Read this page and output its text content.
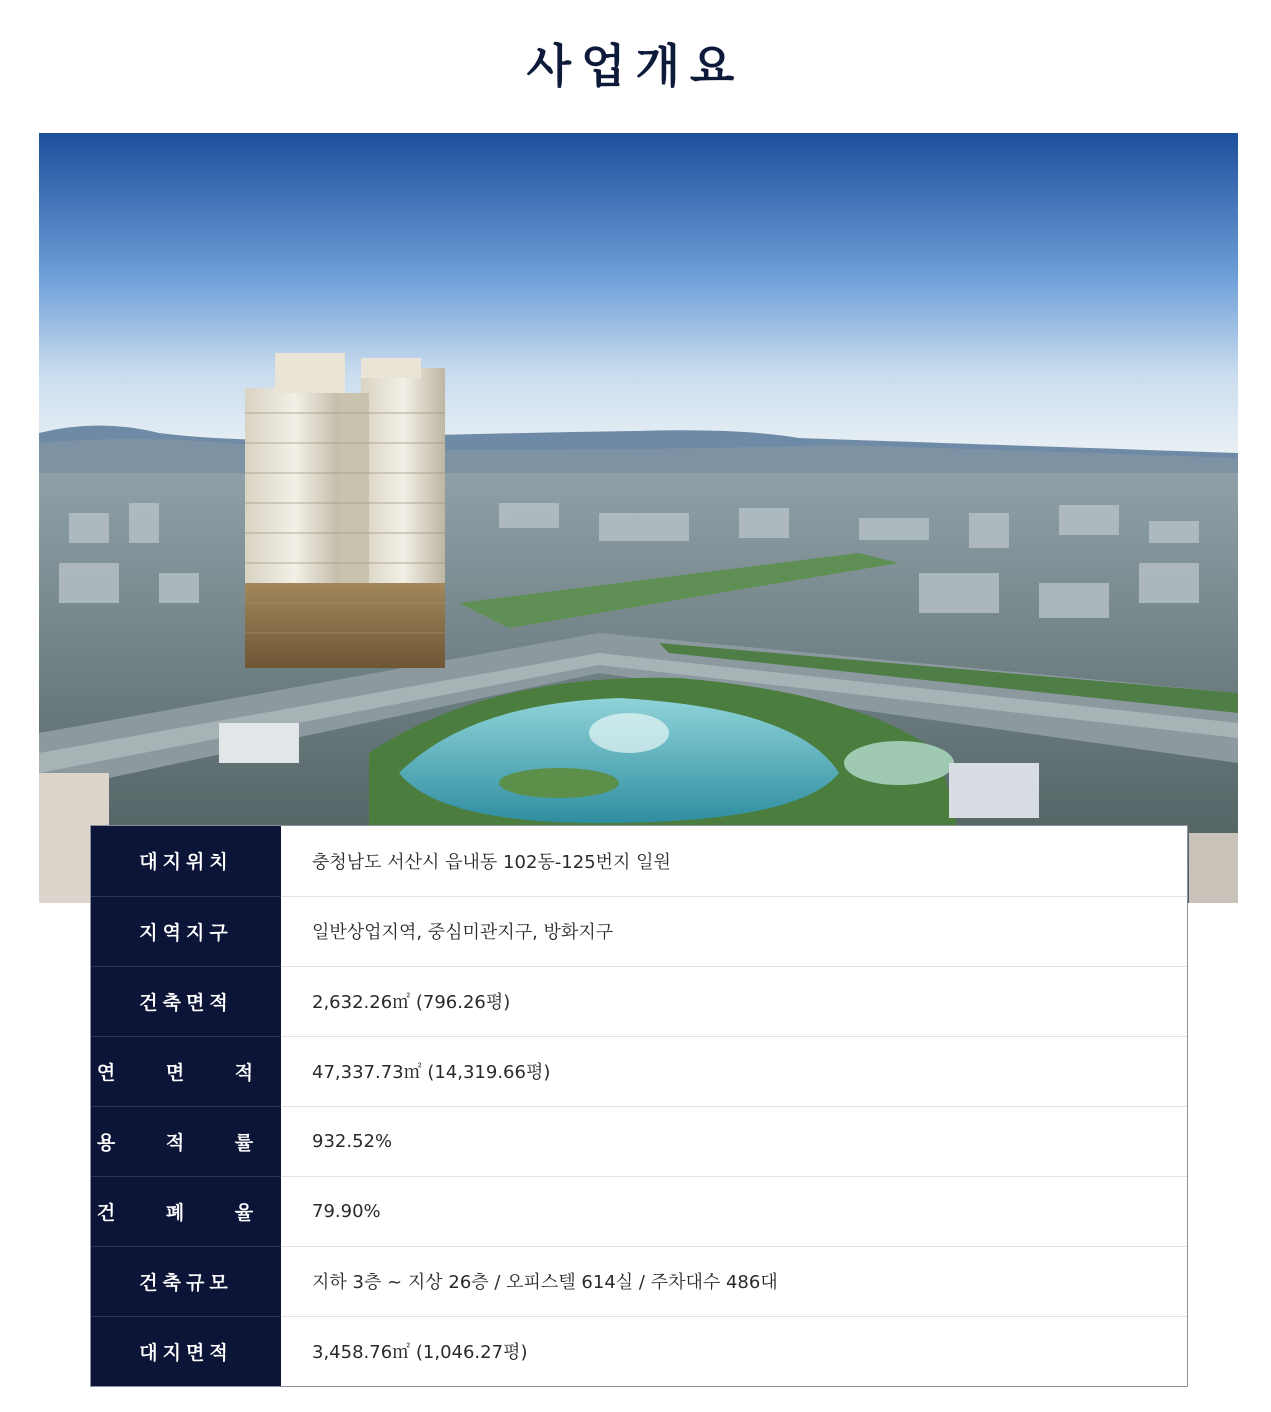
사업개요
대지위치	충청남도 서산시 읍내동 102동-125번지 일원
지역지구	일반상업지역, 중심미관지구, 방화지구
건축면적	2,632.26㎡ (796.26평)
연 면 적	47,337.73㎡ (14,319.66평)
용 적 률	932.52%
건 폐 율	79.90%
건축규모	지하 3층 ~ 지상 26층 / 오피스텔 614실 / 주차대수 486대
대지면적	3,458.76㎡ (1,046.27평)
